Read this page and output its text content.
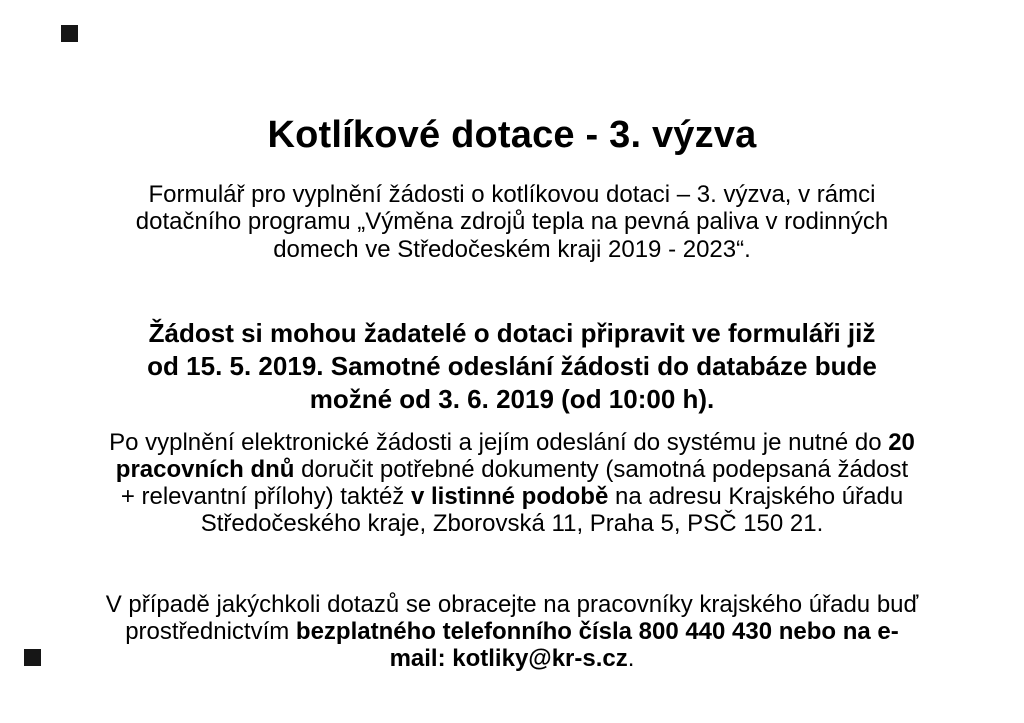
Kotlíkové dotace - 3. výzva
Formulář pro vyplnění žádosti o kotlíkovou dotaci – 3. výzva, v rámci
dotačního programu „Výměna zdrojů tepla na pevná paliva v rodinných
domech ve Středočeském kraji 2019 - 2023“.
Žádost si mohou žadatelé o dotaci připravit ve formuláři již
od 15. 5. 2019. Samotné odeslání žádosti do databáze bude
možné od 3. 6. 2019 (od 10:00 h).
Po vyplnění elektronické žádosti a jejím odeslání do systému je nutné do 20
pracovních dnů doručit potřebné dokumenty (samotná podepsaná žádost
+ relevantní přílohy) taktéž v listinné podobě na adresu Krajského úřadu
Středočeského kraje, Zborovská 11, Praha 5, PSČ 150 21.
V případě jakýchkoli dotazů se obracejte na pracovníky krajského úřadu buď
prostřednictvím bezplatného telefonního čísla 800 440 430 nebo na e-
mail: kotliky@kr-s.cz.
